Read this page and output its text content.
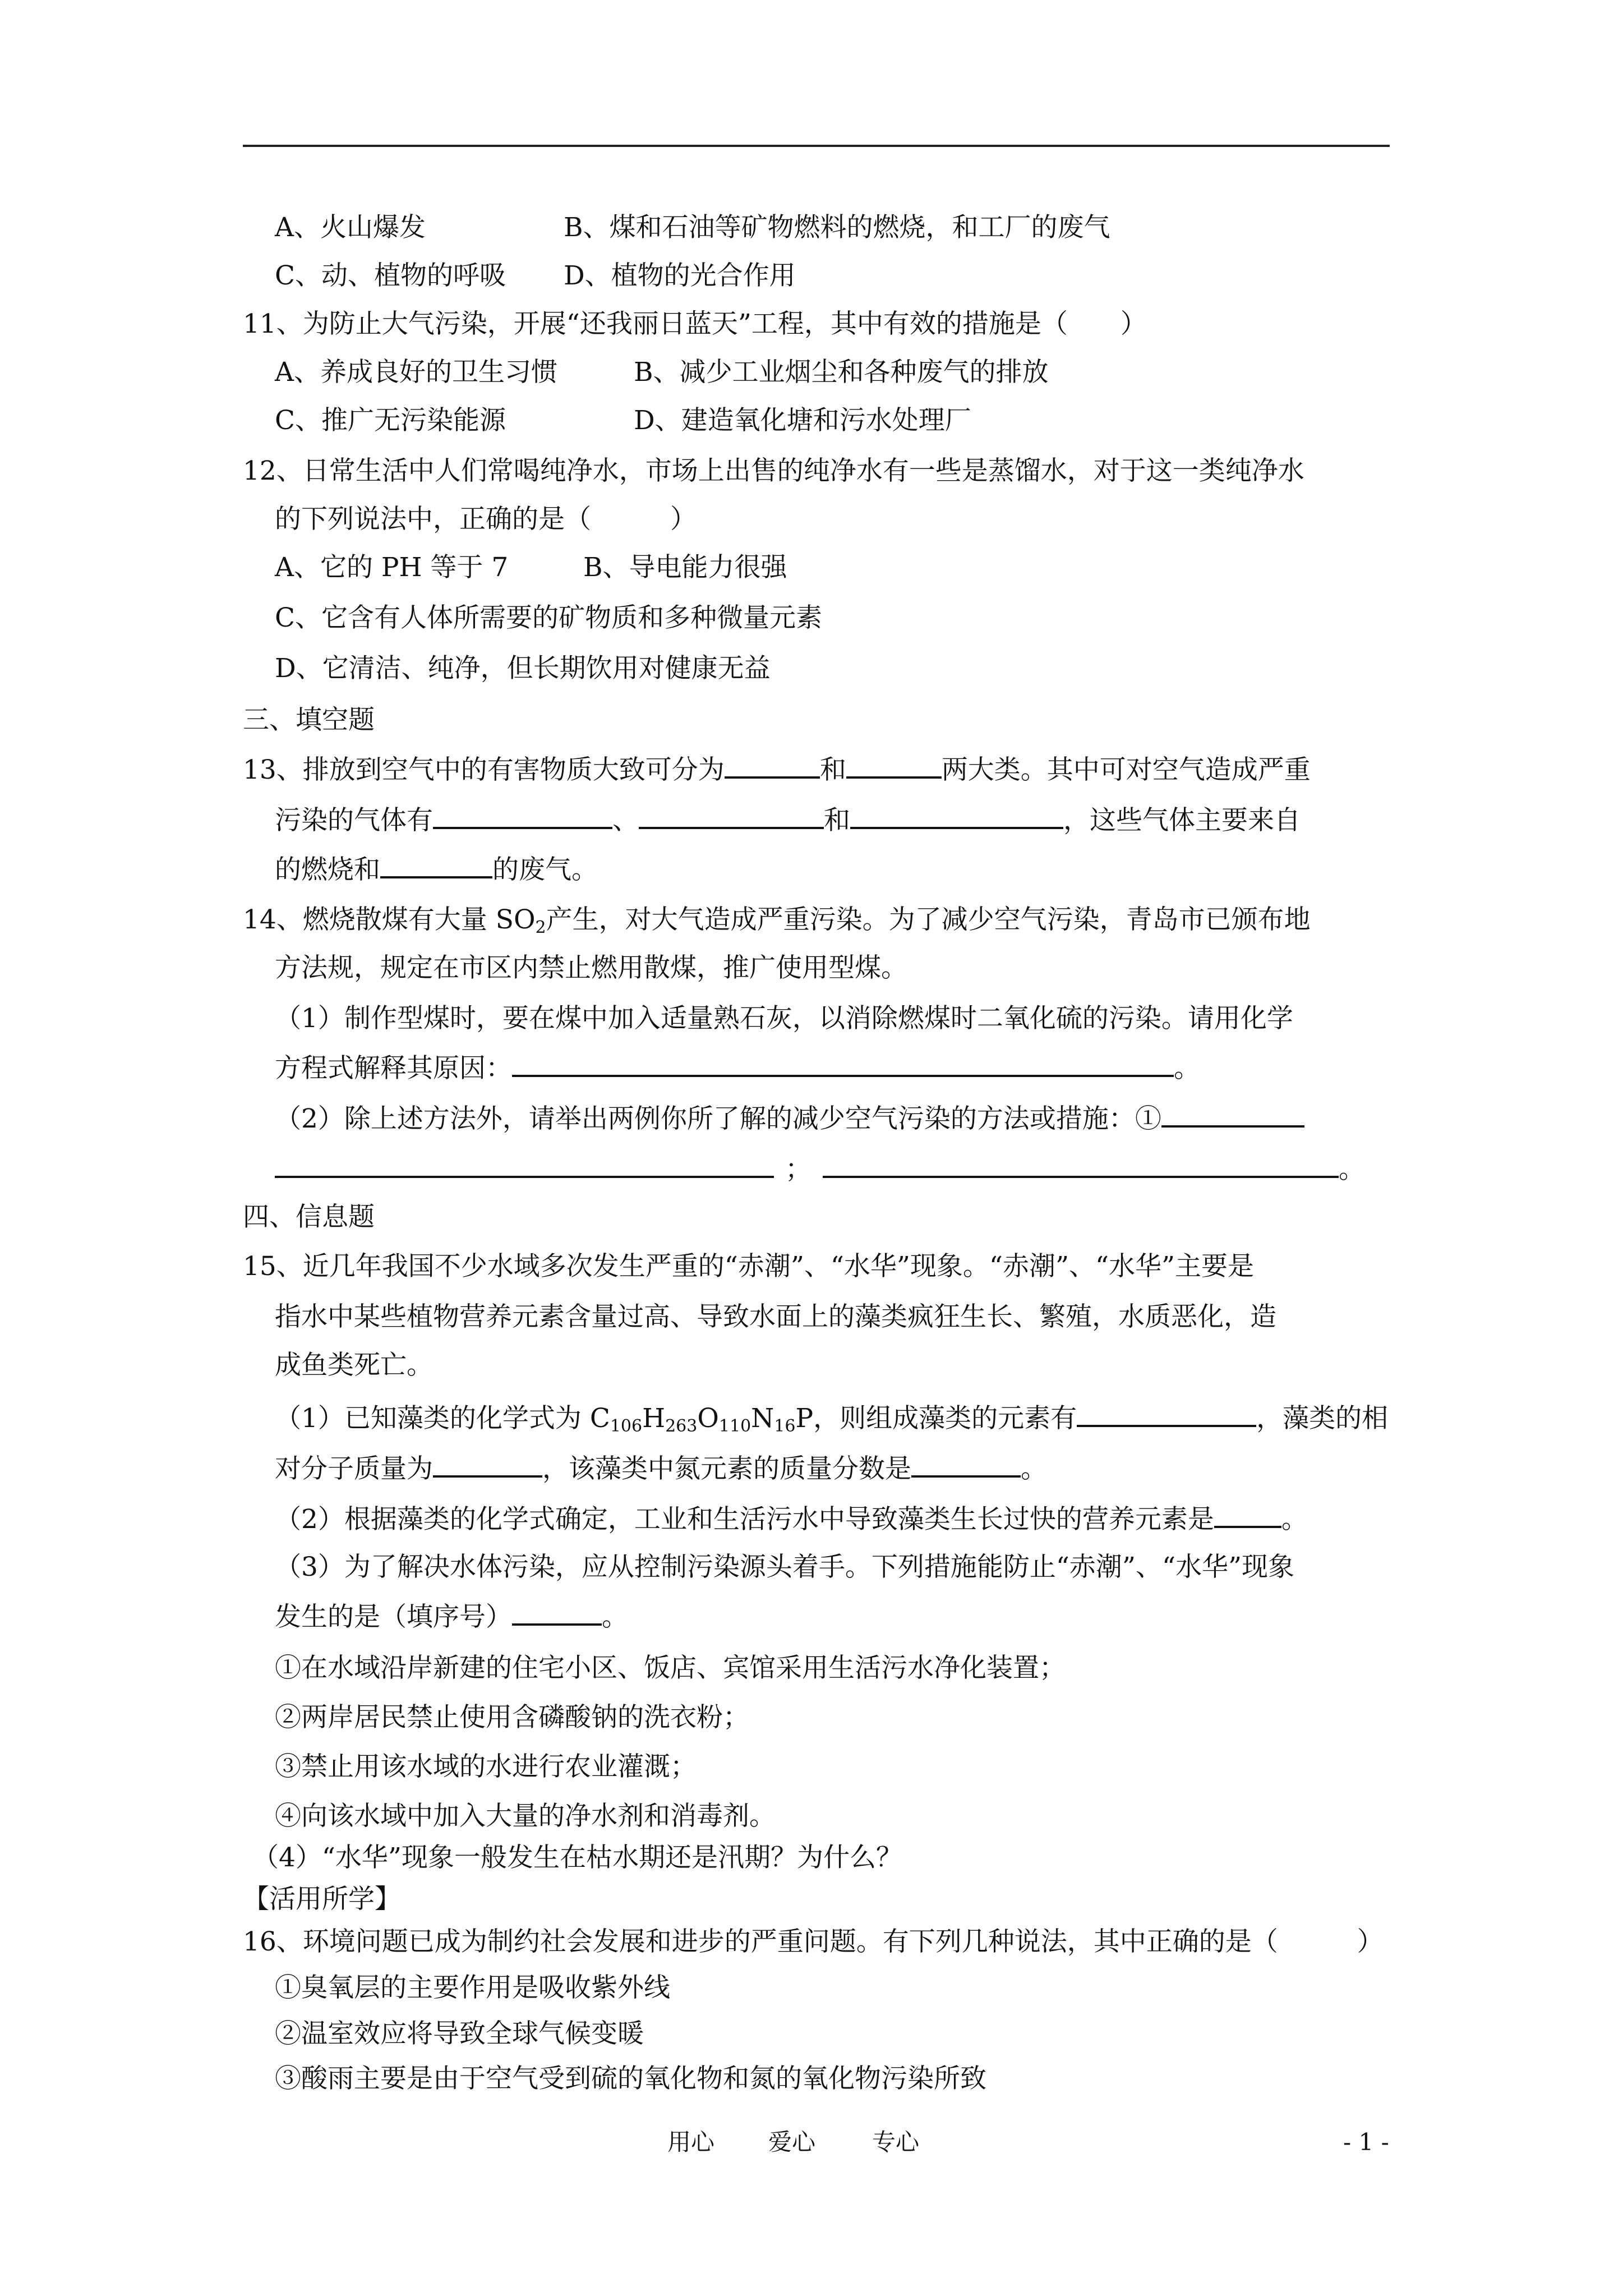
A、火山爆发	B、煤和石油等矿物燃料的燃烧，和工厂的废气
C、动、植物的呼吸 D、植物的光合作用
11、为防止大气污染，开展“还我丽日蓝天”工程，其中有效的措施是（　　）
A、养成良好的卫生习惯	B、减少工业烟尘和各种废气的排放
C、推广无污染能源	D、建造氧化塘和污水处理厂
12、日常生活中人们常喝纯净水，市场上出售的纯净水有一些是蒸馏水，对于这一类纯净水
的下列说法中，正确的是（　　　）
A、它的 PH 等于 7	B、导电能力很强
C、它含有人体所需要的矿物质和多种微量元素
D、它清洁、纯净，但长期饮用对健康无益
三、填空题
13、排放到空气中的有害物质大致可分为	和	两大类。其中可对空气造成严重
污染的气体有	、	和	，这些气体主要来自
的燃烧和	的废气。
14、燃烧散煤有大量 $SO_2$产生，对大气造成严重污染。为了减少空气污染，青岛市已颁布地
方法规，规定在市区内禁止燃用散煤，推广使用型煤。
（1）制作型煤时，要在煤中加入适量熟石灰，以消除燃煤时二氧化硫的污染。请用化学
方程式解释其原因：	。
（2）除上述方法外，请举出两例你所了解的减少空气污染的方法或措施：①
；	。
四、信息题
15、近几年我国不少水域多次发生严重的“赤潮”、“水华”现象。“赤潮”、“水华”主要是
指水中某些植物营养元素含量过高、导致水面上的藻类疯狂生长、繁殖，水质恶化，造
成鱼类死亡。
（1）已知藻类的化学式为 $C_{106}H_{263}O_{110}N_{16}P$，则组成藻类的元素有	，藻类的相
对分子质量为	，该藻类中氮元素的质量分数是	。
（2）根据藻类的化学式确定，工业和生活污水中导致藻类生长过快的营养元素是	。
（3）为了解决水体污染，应从控制污染源头着手。下列措施能防止“赤潮”、“水华”现象
发生的是（填序号）	。
①在水域沿岸新建的住宅小区、饭店、宾馆采用生活污水净化装置；
②两岸居民禁止使用含磷酸钠的洗衣粉；
③禁止用该水域的水进行农业灌溉；
④向该水域中加入大量的净水剂和消毒剂。
（4）“水华”现象一般发生在枯水期还是汛期？为什么？
【活用所学】
16、环境问题已成为制约社会发展和进步的严重问题。有下列几种说法，其中正确的是（　　　）
①臭氧层的主要作用是吸收紫外线
②温室效应将导致全球气候变暖
③酸雨主要是由于空气受到硫的氧化物和氮的氧化物污染所致
用心 爱心 专心	- 1 -
